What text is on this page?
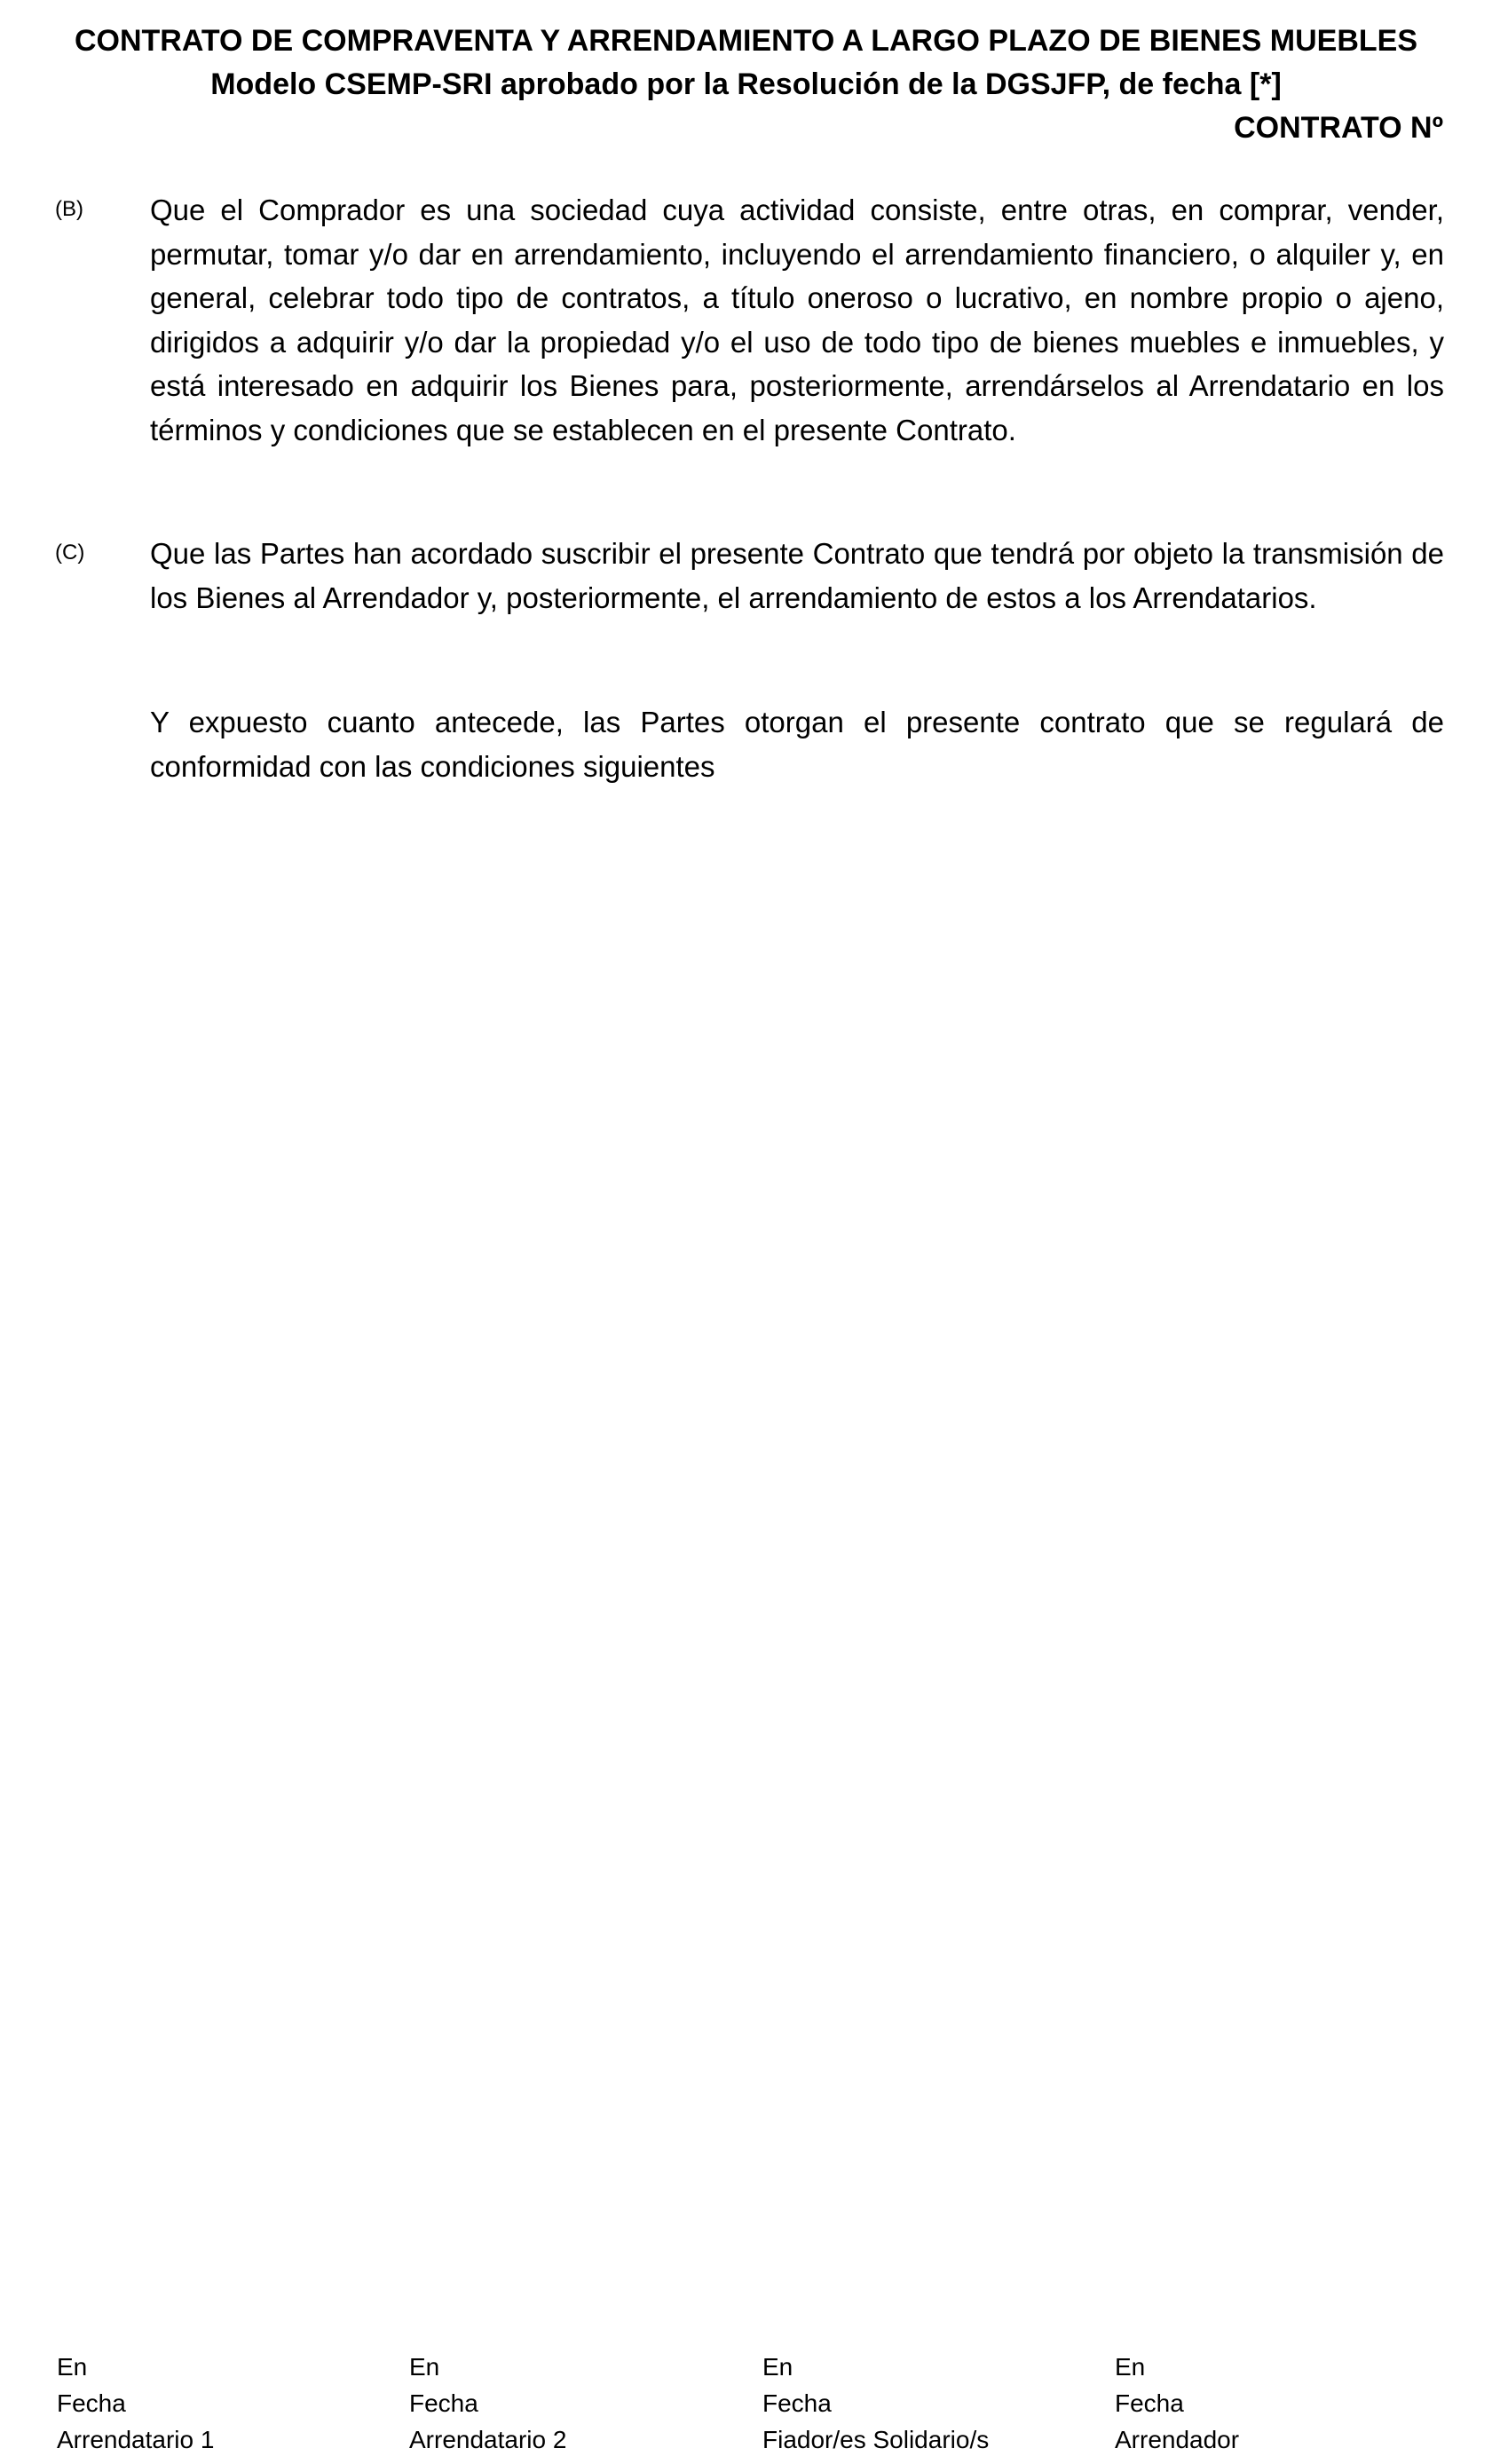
CONTRATO DE COMPRAVENTA Y ARRENDAMIENTO A LARGO PLAZO DE BIENES MUEBLES
Modelo CSEMP-SRI aprobado por la Resolución de la DGSJFP, de fecha [*]
CONTRATO Nº
(B) Que el Comprador es una sociedad cuya actividad consiste, entre otras, en comprar, vender, permutar, tomar y/o dar en arrendamiento, incluyendo el arrendamiento financiero, o alquiler y, en general, celebrar todo tipo de contratos, a título oneroso o lucrativo, en nombre propio o ajeno, dirigidos a adquirir y/o dar la propiedad y/o el uso de todo tipo de bienes muebles e inmuebles, y está interesado en adquirir los Bienes para, posteriormente, arrendárselos al Arrendatario en los términos y condiciones que se establecen en el presente Contrato.
(C) Que las Partes han acordado suscribir el presente Contrato que tendrá por objeto la transmisión de los Bienes al Arrendador y, posteriormente, el arrendamiento de estos a los Arrendatarios.
Y expuesto cuanto antecede, las Partes otorgan el presente contrato que se regulará de conformidad con las condiciones siguientes
En
Fecha
Arrendatario 1
En
Fecha
Arrendatario 2
En
Fecha
Fiador/es Solidario/s
En
Fecha
Arrendador
